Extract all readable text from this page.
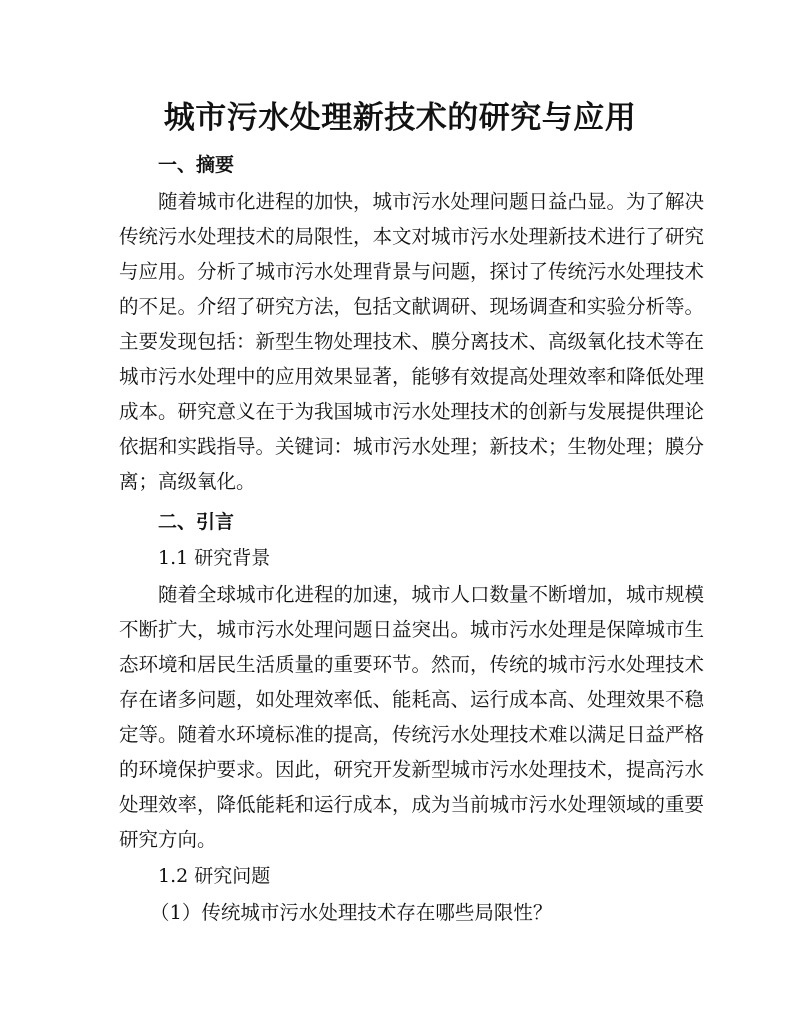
城市污水处理新技术的研究与应用
一、摘要
随着城市化进程的加快，城市污水处理问题日益凸显。为了解决
传统污水处理技术的局限性，本文对城市污水处理新技术进行了研究
与应用。分析了城市污水处理背景与问题，探讨了传统污水处理技术
的不足。介绍了研究方法，包括文献调研、现场调查和实验分析等。
主要发现包括：新型生物处理技术、膜分离技术、高级氧化技术等在
城市污水处理中的应用效果显著，能够有效提高处理效率和降低处理
成本。研究意义在于为我国城市污水处理技术的创新与发展提供理论
依据和实践指导。关键词：城市污水处理；新技术；生物处理；膜分
离；高级氧化。
二、引言
1.1 研究背景
随着全球城市化进程的加速，城市人口数量不断增加，城市规模
不断扩大，城市污水处理问题日益突出。城市污水处理是保障城市生
态环境和居民生活质量的重要环节。然而，传统的城市污水处理技术
存在诸多问题，如处理效率低、能耗高、运行成本高、处理效果不稳
定等。随着水环境标准的提高，传统污水处理技术难以满足日益严格
的环境保护要求。因此，研究开发新型城市污水处理技术，提高污水
处理效率，降低能耗和运行成本，成为当前城市污水处理领域的重要
研究方向。
1.2 研究问题
（1）传统城市污水处理技术存在哪些局限性？
